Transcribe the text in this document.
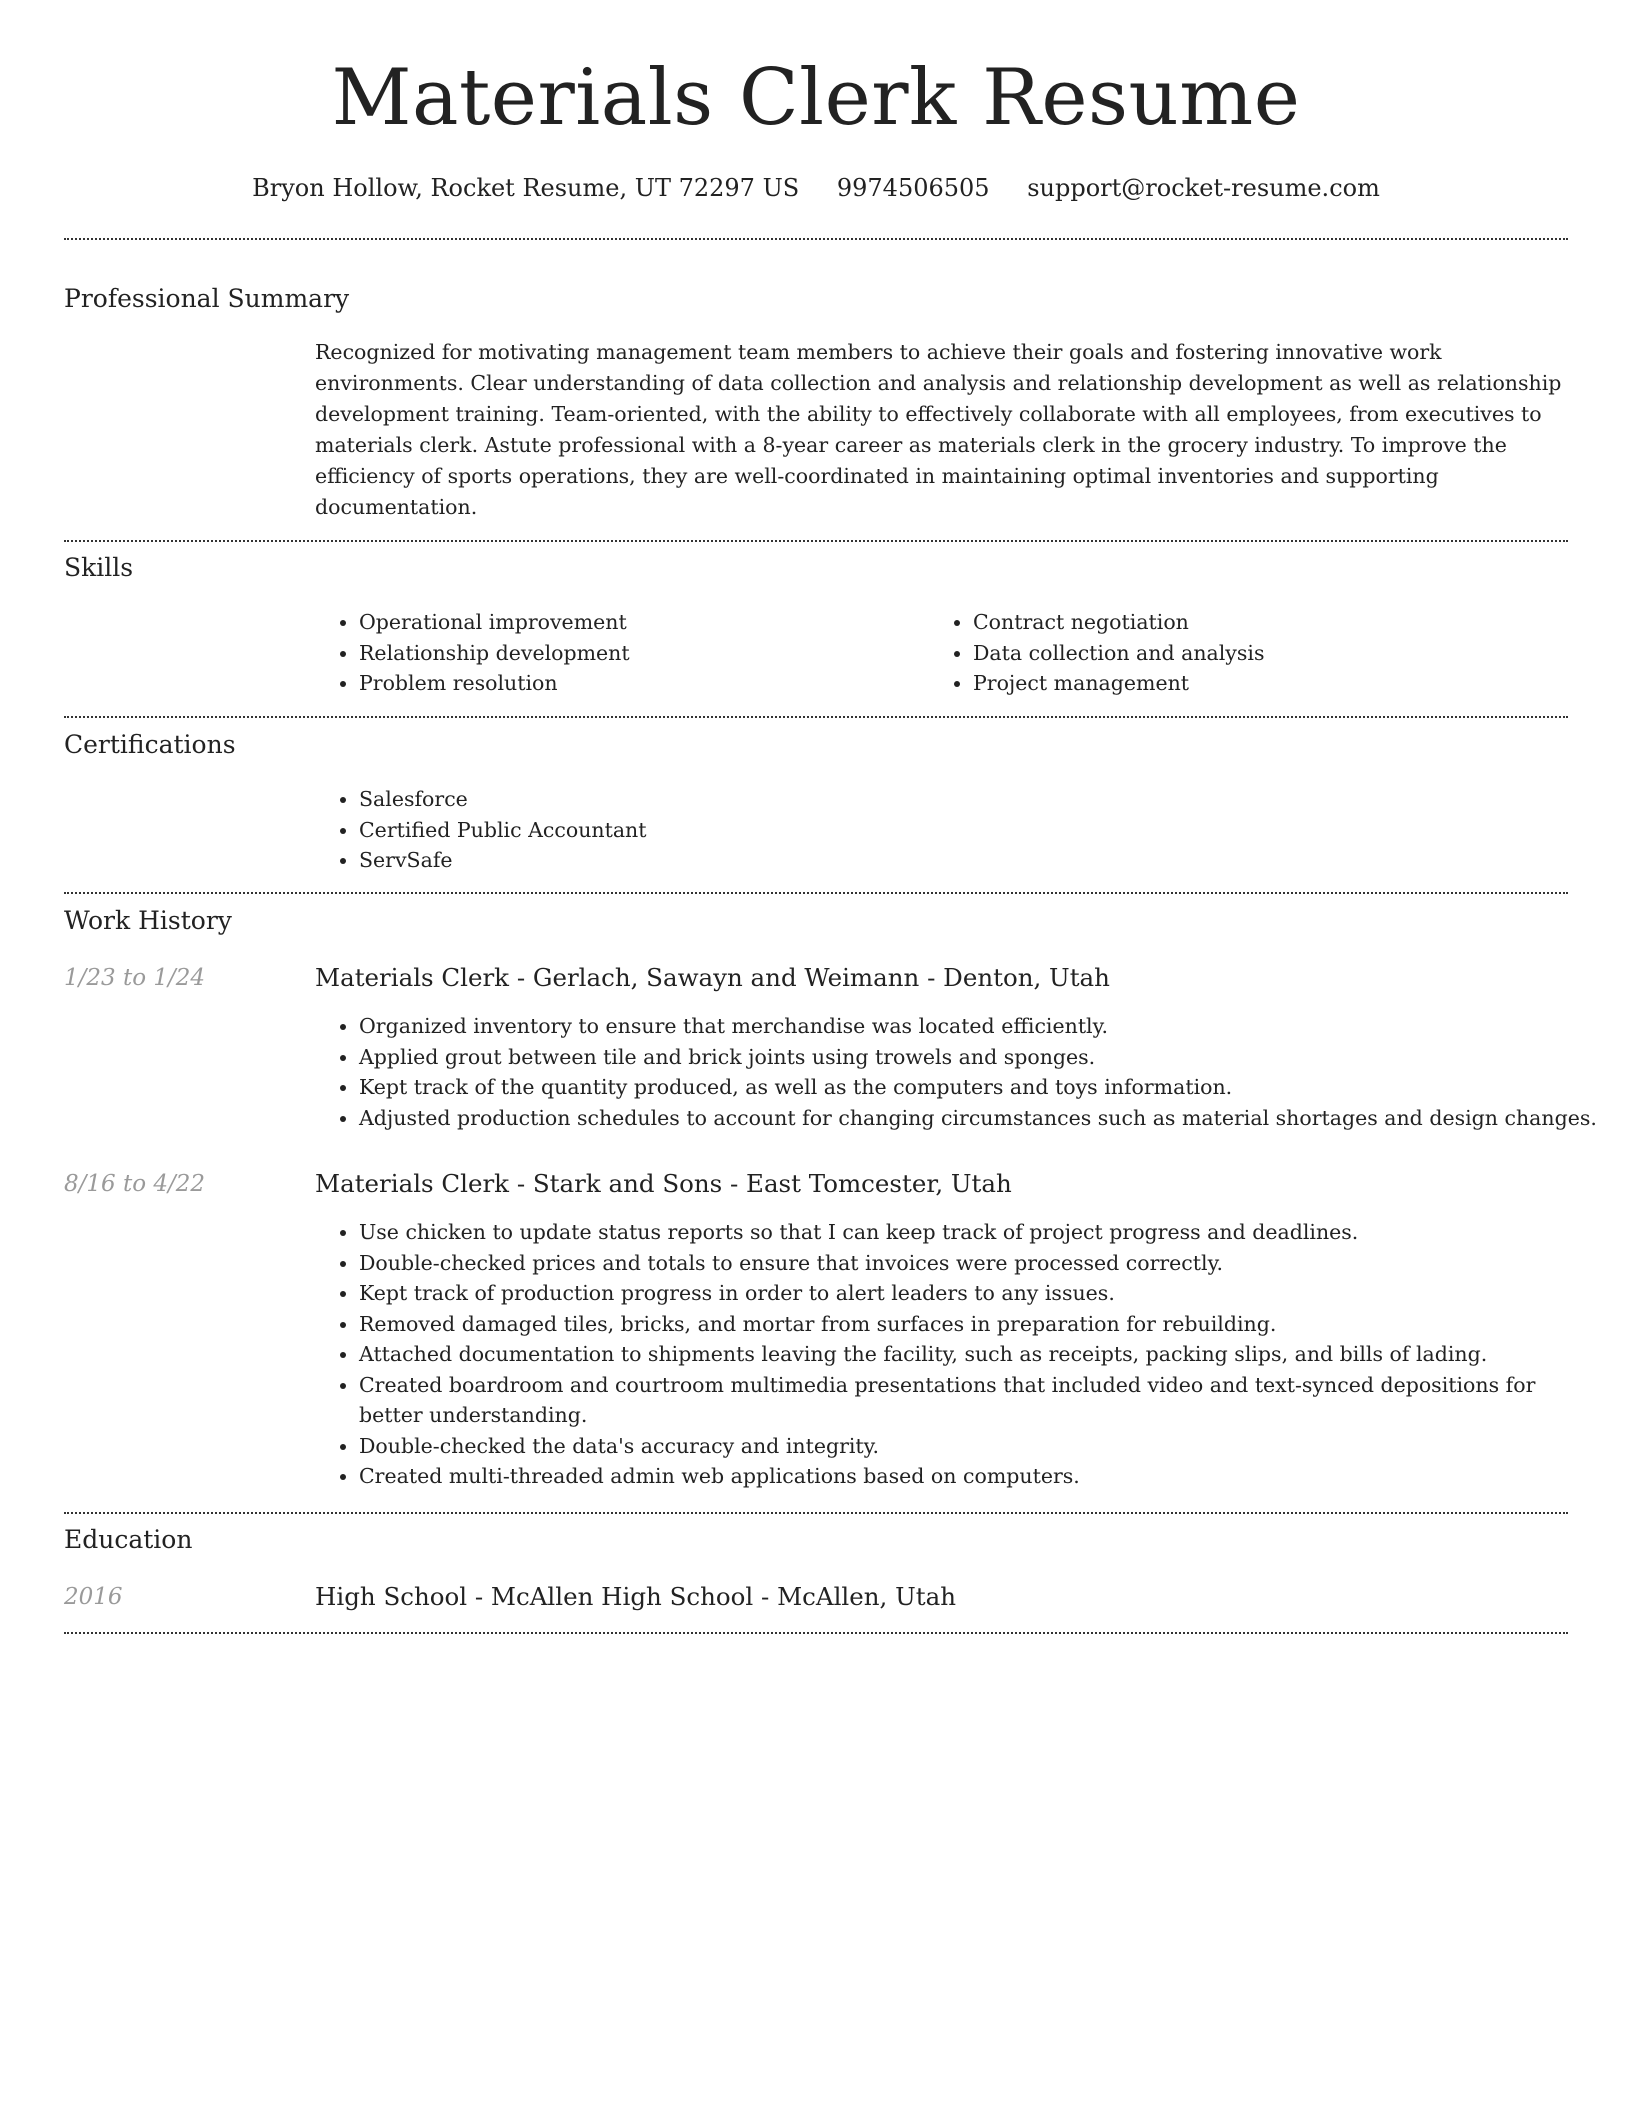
Materials Clerk Resume
Bryon Hollow, Rocket Resume, UT 72297 US 9974506505 support@rocket-resume.com
Professional Summary

Recognized for motivating management team members to achieve their goals and fostering innovative work environments. Clear understanding of data collection and analysis and relationship development as well as relationship development training. Team-oriented, with the ability to effectively collaborate with all employees, from executives to materials clerk. Astute professional with a 8-year career as materials clerk in the grocery industry. To improve the efficiency of sports operations, they are well-coordinated in maintaining optimal inventories and supporting documentation.

Skills
• Operational improvement
• Relationship development
• Problem resolution
• Contract negotiation
• Data collection and analysis
• Project management
Certifications
• Salesforce
• Certified Public Accountant
• ServSafe
Work History
1/23 to 1/24	Materials Clerk - Gerlach, Sawayn and Weimann - Denton, Utah
• Organized inventory to ensure that merchandise was located efficiently.
• Applied grout between tile and brick joints using trowels and sponges.
• Kept track of the quantity produced, as well as the computers and toys information.
• Adjusted production schedules to account for changing circumstances such as material shortages and design changes.
8/16 to 4/22	Materials Clerk - Stark and Sons - East Tomcester, Utah
• Use chicken to update status reports so that I can keep track of project progress and deadlines.
• Double-checked prices and totals to ensure that invoices were processed correctly.
• Kept track of production progress in order to alert leaders to any issues.
• Removed damaged tiles, bricks, and mortar from surfaces in preparation for rebuilding.
• Attached documentation to shipments leaving the facility, such as receipts, packing slips, and bills of lading.
• Created boardroom and courtroom multimedia presentations that included video and text-synced depositions for better understanding.
• Double-checked the data's accuracy and integrity.
• Created multi-threaded admin web applications based on computers.
Education
2016	High School - McAllen High School - McAllen, Utah
